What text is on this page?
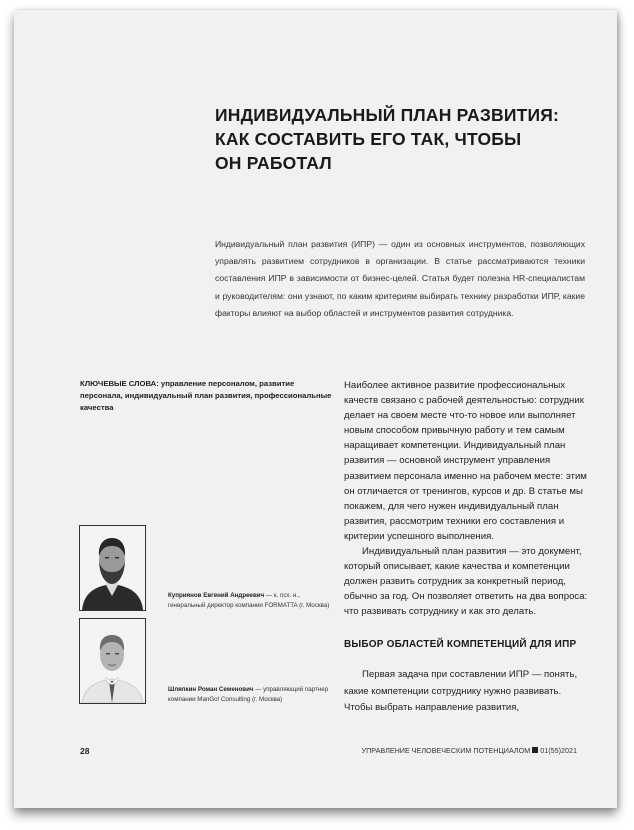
ИНДИВИДУАЛЬНЫЙ ПЛАН РАЗВИТИЯ:
КАК СОСТАВИТЬ ЕГО ТАК, ЧТОБЫ
ОН РАБОТАЛ
Индивидуальный план развития (ИПР) — один из основных инструментов, позволяющих управлять развитием сотрудников в организации. В статье рассматриваются техники составления ИПР в зависимости от бизнес-целей. Статья будет полезна HR-специалистам и руководителям: они узнают, по каким критериям выбирать технику разработки ИПР, какие факторы влияют на выбор областей и инструментов развития сотрудника.
КЛЮЧЕВЫЕ СЛОВА: управление персоналом, развитие персонала, индивидуальный план развития, профессиональные качества

Наиболее активное развитие профессиональных качеств связано с рабочей деятельностью: сотрудник делает на своем месте что-то новое или выполняет новым способом привычную работу и тем самым наращивает компетенции. Индивидуальный план развития — основной инструмент управления развитием персонала именно на рабочем месте: этим он отличается от тренингов, курсов и др. В статье мы покажем, для чего нужен индивидуальный план развития, рассмотрим техники его составления и критерии успешного выполнения.

Индивидуальный план развития — это документ, который описывает, какие качества и компетенции должен развить сотрудник за конкретный период, обычно за год. Он позволяет ответить на два вопроса: что развивать сотруднику и как это делать.

ВЫБОР ОБЛАСТЕЙ КОМПЕТЕНЦИЙ ДЛЯ ИПР

Первая задача при составлении ИПР — понять, какие компетенции сотруднику нужно развивать. Чтобы выбрать направление развития,

Куприянов Евгений Андреевич — к. псх. н., генеральный директор компании FORMATTA (г. Москва)
Шляпкин Роман Семенович — управляющий партнер компании ManGo! Consulting (г. Москва)
28	УПРАВЛЕНИЕ ЧЕЛОВЕЧЕСКИМ ПОТЕНЦИАЛОМ 01(55)2021
